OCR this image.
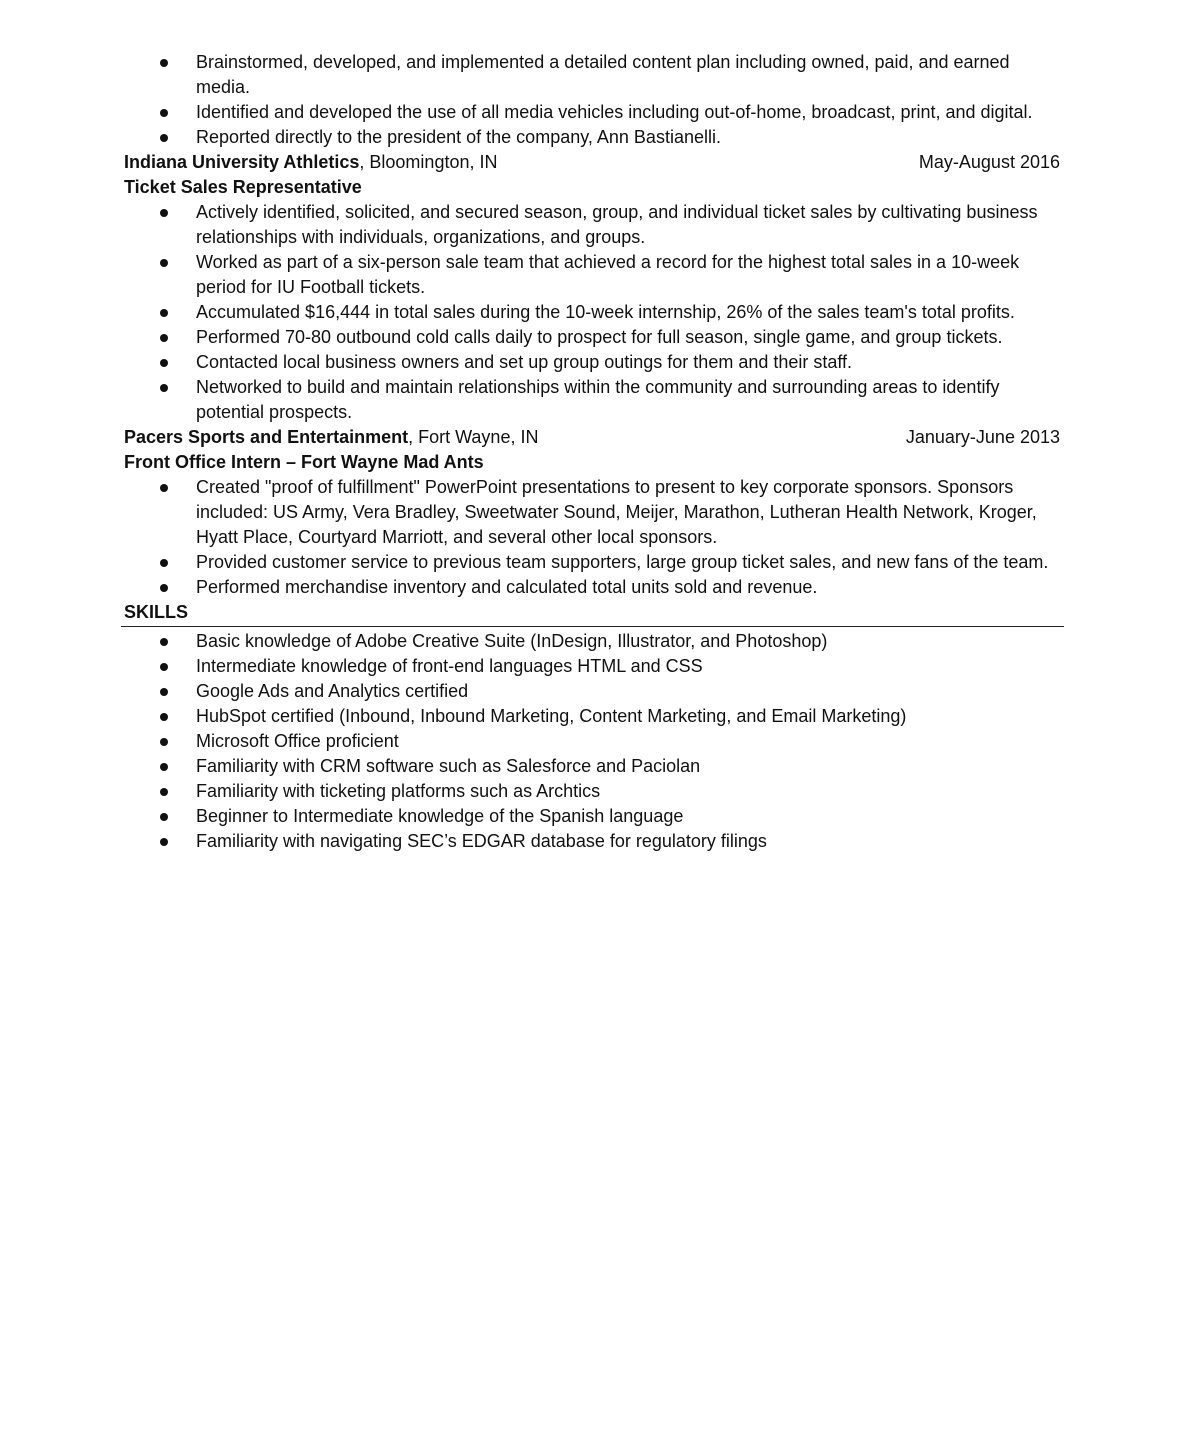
Brainstormed, developed, and implemented a detailed content plan including owned, paid, and earned media.
Identified and developed the use of all media vehicles including out-of-home, broadcast, print, and digital.
Reported directly to the president of the company, Ann Bastianelli.
Indiana University Athletics, Bloomington, IN	May-August 2016
Ticket Sales Representative
Actively identified, solicited, and secured season, group, and individual ticket sales by cultivating business relationships with individuals, organizations, and groups.
Worked as part of a six-person sale team that achieved a record for the highest total sales in a 10-week period for IU Football tickets.
Accumulated $16,444 in total sales during the 10-week internship, 26% of the sales team's total profits.
Performed 70-80 outbound cold calls daily to prospect for full season, single game, and group tickets.
Contacted local business owners and set up group outings for them and their staff.
Networked to build and maintain relationships within the community and surrounding areas to identify potential prospects.
Pacers Sports and Entertainment, Fort Wayne, IN	January-June 2013
Front Office Intern – Fort Wayne Mad Ants
Created "proof of fulfillment" PowerPoint presentations to present to key corporate sponsors. Sponsors included: US Army, Vera Bradley, Sweetwater Sound, Meijer, Marathon, Lutheran Health Network, Kroger, Hyatt Place, Courtyard Marriott, and several other local sponsors.
Provided customer service to previous team supporters, large group ticket sales, and new fans of the team.
Performed merchandise inventory and calculated total units sold and revenue.
SKILLS
Basic knowledge of Adobe Creative Suite (InDesign, Illustrator, and Photoshop)
Intermediate knowledge of front-end languages HTML and CSS
Google Ads and Analytics certified
HubSpot certified (Inbound, Inbound Marketing, Content Marketing, and Email Marketing)
Microsoft Office proficient
Familiarity with CRM software such as Salesforce and Paciolan
Familiarity with ticketing platforms such as Archtics
Beginner to Intermediate knowledge of the Spanish language
Familiarity with navigating SEC’s EDGAR database for regulatory filings
